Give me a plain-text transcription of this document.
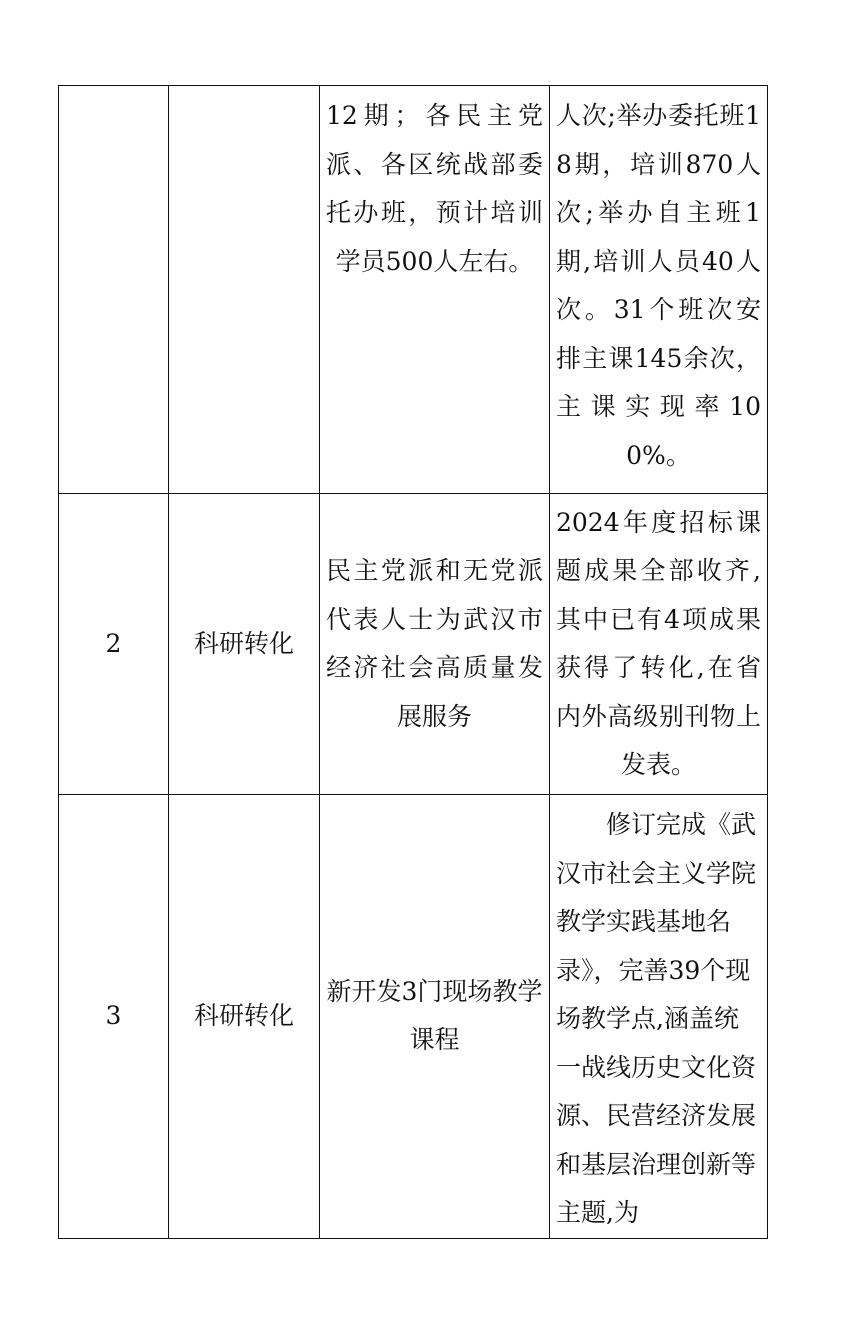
		12期；各民主党派、各区统战部委托办班，预计培训学员500人左右。	人次;举办委托班18期，培训870人次;举办自主班1期,培训人员40人次。31个班次安排主课145余次，主课实现率100%。

2	科研转化	民主党派和无党派代表人士为武汉市经济社会高质量发展服务	2024年度招标课题成果全部收齐,其中已有4项成果获得了转化,在省内外高级别刊物上发表。

3	科研转化	新开发3门现场教学课程	修订完成《武汉市社会主义学院教学实践基地名录》，完善39个现场教学点,涵盖统一战线历史文化资源、民营经济发展和基层治理创新等主题,为
